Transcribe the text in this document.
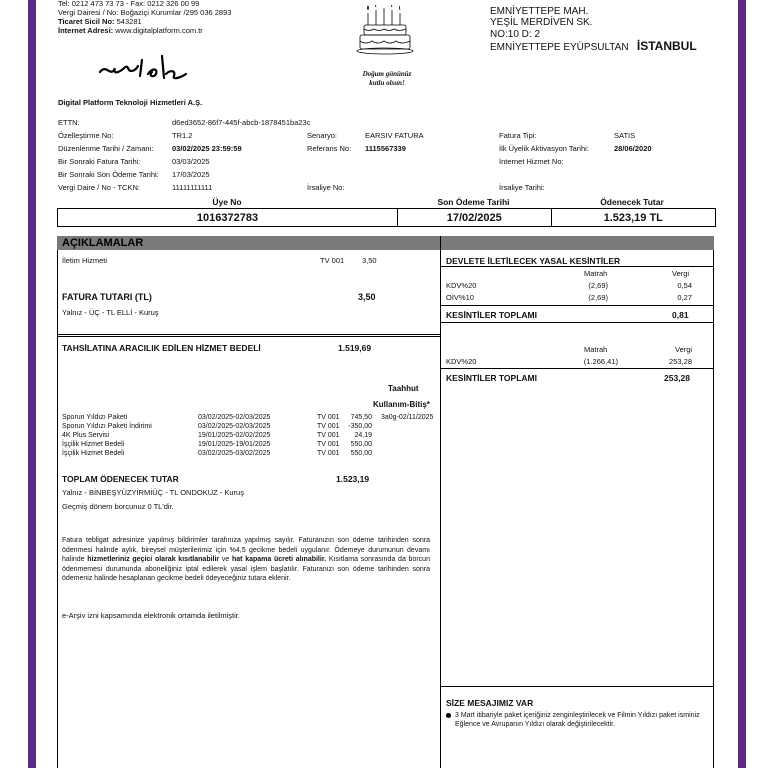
Tel: 0212 473 73 73 - Fax: 0212 326 00 99
Vergi Dairesi / No: Boğaziçi Kurumlar /295 036 2893
Ticaret Sicil No: 543281
İnternet Adresi: www.digitalplatform.com.tr
Digital Platform Teknoloji Hizmetleri A.Ş.
Doğum gününüz
kutlu olsun!
EMNİYETTEPE MAH.
YEŞİL MERDİVEN SK.
NO:10 D: 2
EMNİYETTEPE EYÜPSULTAN İSTANBUL
ETTN:	d6ed3652-86f7-445f-abcb-1878451ba23c
Özelleştirme No:	TR1.2	Senaryo:	EARSIV FATURA	Fatura Tipi:	SATIS
Düzenlenme Tarihi / Zamanı: 03/02/2025 23:59:59	Referans No: 1115567339	İlk Üyelik Aktivasyon Tarihi:	28/06/2020
Bir Sonraki Fatura Tarihi:	03/03/2025	İnternet Hizmet No:
Bir Sonraki Son Ödeme Tarihi: 17/03/2025
Vergi Daire / No - TCKN:	11111111111	İrsaliye No:	İrsaliye Tarihi:
Üye No	Son Ödeme Tarihi	Ödenecek Tutar
1016372783	17/02/2025	1.523,19 TL
AÇIKLAMALAR
İletim Hizmeti	TV 001 3,50
FATURA TUTARI (TL)	3,50
Yalnız - ÜÇ - TL ELLİ - Kuruş
TAHSİLATINA ARACILIK EDİLEN HİZMET BEDELİ	1.519,69
Taahhut
Kullanım-Bitiş*
Sporun Yıldızı Paketi	03/02/2025-02/03/2025	TV 001	745,50 3a0g-02/11/2025
Sporun Yıldızı Paketi İndirimi	03/02/2025-02/03/2025	TV 001	-350,00
4K Plus Servisi	19/01/2025-02/02/2025	TV 001	24,19
İşçilik Hizmet Bedeli	19/01/2025-19/01/2025	TV 001	550,00
İşçilik Hizmet Bedeli	03/02/2025-03/02/2025	TV 001	550,00
TOPLAM ÖDENECEK TUTAR	1.523,19
Yalnız - BİNBEŞYÜZYİRMİÜÇ - TL ONDOKUZ - Kuruş
Geçmiş dönem borcunuz 0 TL'dir.
Fatura tebligat adresinize yapılmış bildirimler tarafınıza yapılmış sayılır. Faturanızın son ödeme tarihinden sonra ödenmesi halinde aylık, bireysel müşterilerimiz için %4,5 gecikme bedeli uygulanır. Ödemeye durumunun devamı halinde hizmetleriniz geçici olarak kısıtlanabilir ve hat kapama ücreti alınabilir. Kısıtlama sonrasında da borcun ödenmemesi durumunda aboneliğiniz iptal edilerek yasal işlem başlatılır. Faturanızı son ödeme tarihinden sonra ödemeniz halinde hesaplanan gecikme bedeli ödeyeceğiniz tutara eklenir.
e-Arşiv izni kapsamında elektronik ortamda iletilmiştir.
DEVLETE İLETİLECEK YASAL KESİNTİLER
Matrah	Vergi
KDV%20	(2,69)	0,54
OİV%10	(2,69)	0,27
KESİNTİLER TOPLAMI	0,81
Matrah	Vergi
KDV%20	(1.266,41)	253,28
KESİNTİLER TOPLAMI	253,28
SİZE MESAJIMIZ VAR
3 Mart itibariyle paket içeriğiniz zenginleştirilecek ve Filmin Yıldızı paket isminiz Eğlence ve Avrupanın Yıldızı olarak değiştirilecektir.
